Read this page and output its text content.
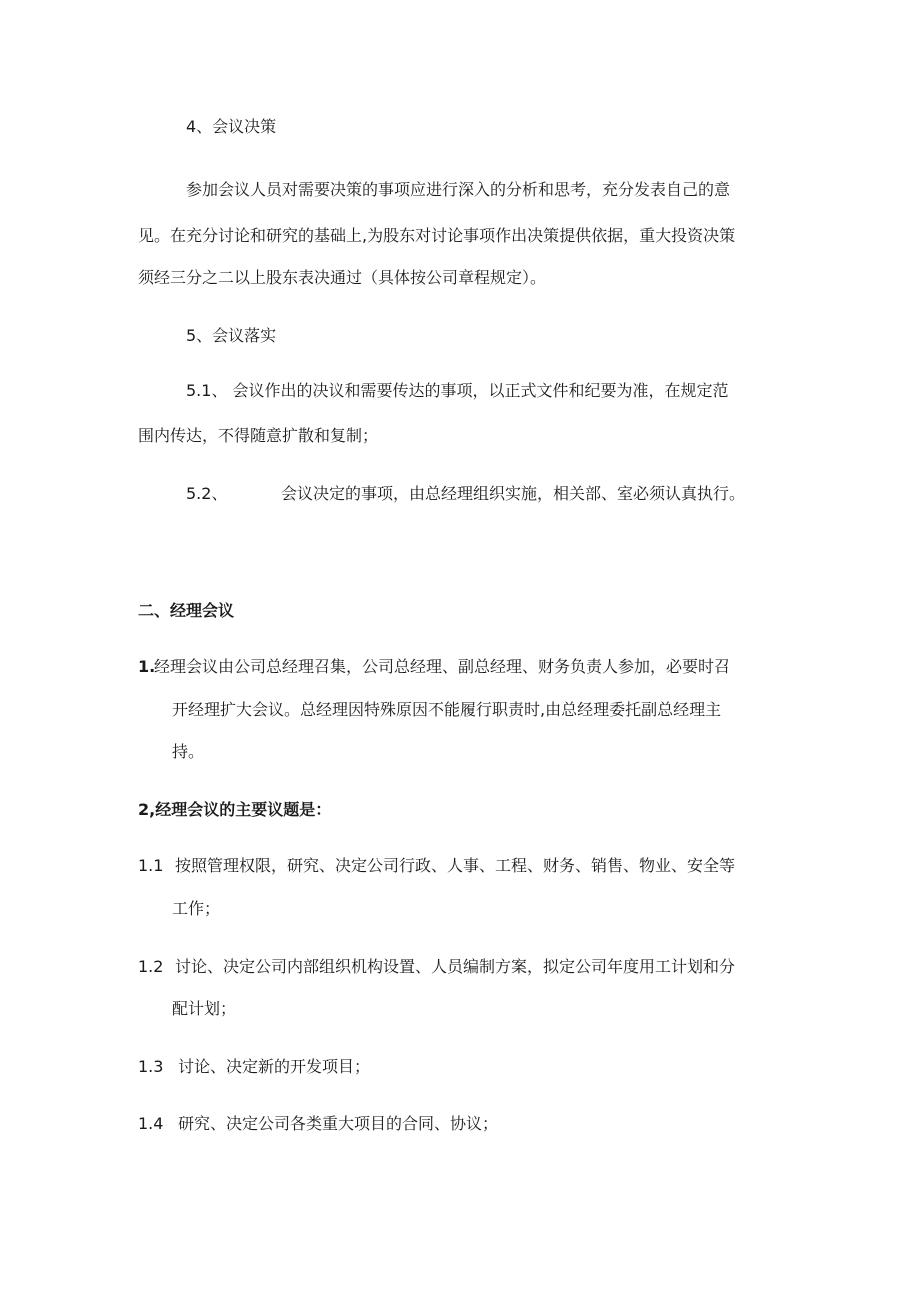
4、会议决策
参加会议人员对需要决策的事项应进行深入的分析和思考，充分发表自己的意
见。在充分讨论和研究的基础上,为股东对讨论事项作出决策提供依据，重大投资决策
须经三分之二以上股东表决通过（具体按公司章程规定）。
5、会议落实
5.1、 会议作出的决议和需要传达的事项，以正式文件和纪要为准，在规定范
围内传达，不得随意扩散和复制；
5.2、	会议决定的事项，由总经理组织实施，相关部、室必须认真执行。
二、经理会议
1.
经理会议由公司总经理召集，公司总经理、副总经理、财务负责人参加，必要时召
开经理扩大会议。总经理因特殊原因不能履行职责时,由总经理委托副总经理主
持。
2,经理会议的主要议题是：
1.1 按照管理权限，研究、决定公司行政、人事、工程、财务、销售、物业、安全等
工作；
1.2 讨论、决定公司内部组织机构设置、人员编制方案，拟定公司年度用工计划和分
配计划；
1.3 讨论、决定新的开发项目；
1.4 研究、决定公司各类重大项目的合同、协议；
